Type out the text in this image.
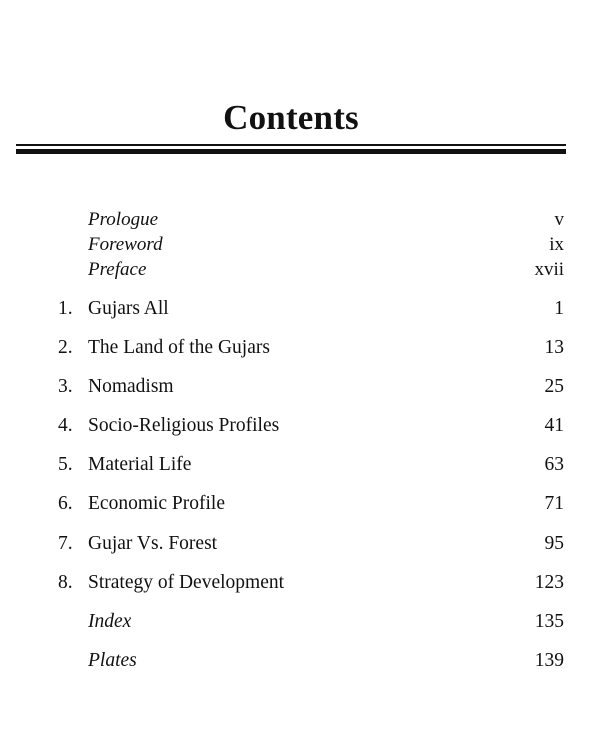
Contents
Prologue	v
Foreword	ix
Preface	xvii
1. Gujars All	1
2. The Land of the Gujars	13
3. Nomadism	25
4. Socio-Religious Profiles	41
5. Material Life	63
6. Economic Profile	71
7. Gujar Vs. Forest	95
8. Strategy of Development	123
Index	135
Plates	139
